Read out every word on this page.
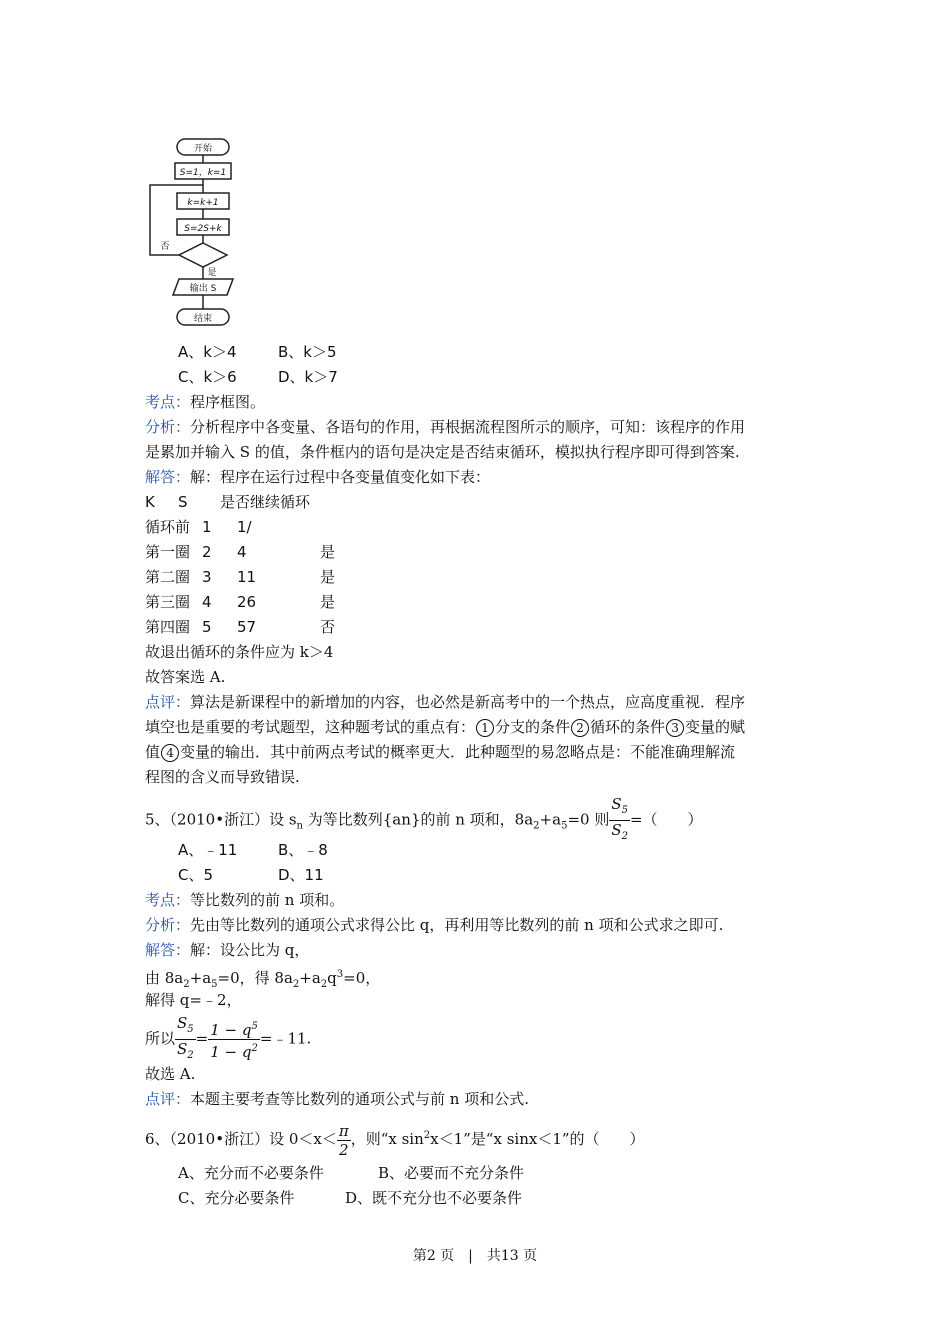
开始
S=1，k=1
k=k+1
S=2S+k
否
是
输出 S
结束
A、k＞4	B、k＞5
C、k＞6	D、k＞7
考点：程序框图。
分析：分析程序中各变量、各语句的作用，再根据流程图所示的顺序，可知：该程序的作用
是累加并输入 S 的值，条件框内的语句是决定是否结束循环，模拟执行程序即可得到答案.
解答：解：程序在运行过程中各变量值变化如下表：
K S 是否继续循环
循环前 1 1/
第一圈 2 4	是
第二圈 3 11	是
第三圈 4 26	是
第四圈 5 57	否
故退出循环的条件应为 k＞4
故答案选 A.
点评：算法是新课程中的新增加的内容，也必然是新高考中的一个热点，应高度重视．程序
填空也是重要的考试题型，这种题考试的重点有： 1 分支的条件 2 循环的条件 3 变量的赋
值 4 变量的输出．其中前两点考试的概率更大．此种题型的易忽略点是：不能准确理解流
程图的含义而导致错误.
5、（2010•浙江）设 $s_n$ 为等比数列{an}的前 n 项和，$8a_2+a_5=0$ 则 $\frac{S_5}{S_2}$ =（　　）
A、﹣11	B、﹣8
C、5	D、11
考点：等比数列的前 n 项和。
分析：先由等比数列的通项公式求得公比 q，再利用等比数列的前 n 项和公式求之即可.
解答：解：设公比为 q，
由 $8a_2+a_5=0$，得 $8a_2+a_2q^3=0$，
解得 q=﹣2，
所以 $\frac{S_5}{S_2} = \frac{1 - q^5}{1 - q^2}$ =﹣11.
故选 A.
点评：本题主要考查等比数列的通项公式与前 n 项和公式.
6、（2010•浙江）设 $0<x< \frac{\pi}{2}$ ，则“x $\sin^2x<1$”是“x sinx＜1”的（　　）
A、充分而不必要条件	B、必要而不充分条件
C、充分必要条件	D、既不充分也不必要条件
第2 页　|　共13 页
